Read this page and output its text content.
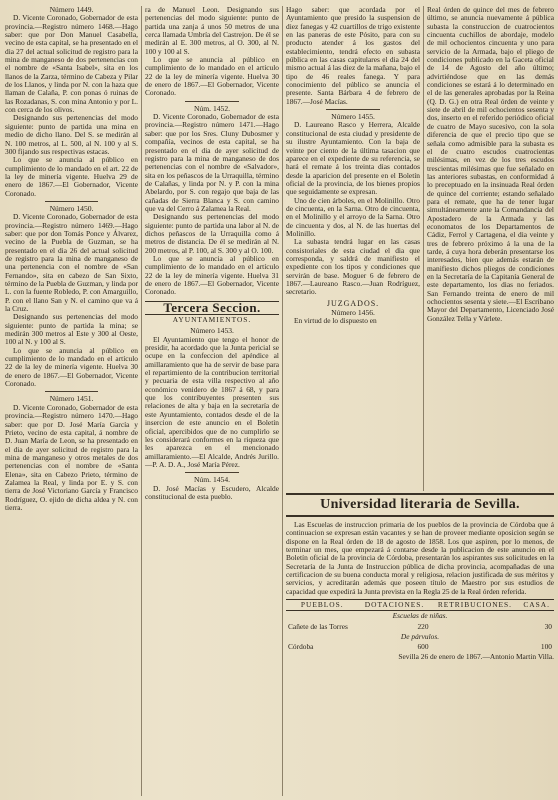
Número 1449.

D. Vicente Coronado, Gobernador de esta provincia.—Registro número 1468.—Hago saber: que por Don Manuel Casabella, vecino de esta capital, se ha presentado en el dia 27 del actual solicitud de registro para la mina de manganeso de dos pertenencias con el nombre de «Santa Isabel», sita en los llanos de la Zarza, término de Cabeza y Pilar de los Llanos, y linda por N. con la haza que llaman de Calaña, P. con ponas ó ruinas de las Rozadanas, S. con mina Antonio y por L. con cerca de los olivos.

Designando sus pertenencias del modo siguiente: punto de partida una mina en medio de dicho llano. Del S. se medirán al N. 100 metros, al L. 500, al N. 100 y al S. 300 fijando sus respectivas estacas.

Lo que se anuncia al público en cumplimiento de lo mandado en el art. 22 de la ley de minería vigente. Huelva 29 de enero de 1867.—El Gobernador, Vicente Coronado.

Número 1450.

D. Vicente Coronado, Gobernador de esta provincia.—Registro número 1469.—Hago saber: que por don Tomás Ponce y Álvarez, vecino de la Puebla de Guzman, se ha presentado en el dia 26 del actual solicitud de registro para la mina de manganeso de una pertenencia con el nombre de «San Fernando», sita en cabezo de San Sixto, término de la Puebla de Guzman, y linda por L. con la fuente Robledo, P. con Amarguillo, P. con el llano San y N. el camino que va á la Cruz.

Designando sus pertenencias del modo siguiente: punto de partida la mina; se medirán 300 metros al Este y 300 al Oeste, 100 al N. y 100 al S.

Lo que se anuncia al público en cumplimiento de lo mandado en el artículo 22 de la ley de minería vigente. Huelva 30 de enero de 1867.—El Gobernador, Vicente Coronado.

Número 1451.

D. Vicente Coronado, Gobernador de esta provincia.—Registro número 1470.—Hago saber: que por D. José María García y Prieto, vecino de esta capital, á nombre de D. Juan María de Leon, se ha presentado en el dia de ayer solicitud de registro para la mina de manganeso y otros metales de dos pertenencias con el nombre de «Santa Elena», sita en Cabezo Prieto, término de Zalamea la Real, y linda por E. y S. con tierra de José Victoriano García y Francisco Rodríguez, O. ejido de dicha aldea y N. con tierra.

ra de Manuel Leon. Designando sus pertenencias del modo siguiente: punto de partida una zanja á unos 50 metros de una cerca llamada Umbría del Castrejon. De él se medirán al E. 300 metros, al O. 300, al N. 100 y 100 al S.

Lo que se anuncia al público en cumplimiento de lo mandado en el artículo 22 de la ley de minería vigente. Huelva 30 de enero de 1867.—El Gobernador, Vicente Coronado.

Núm. 1452.

D. Vicente Coronado, Gobernador de esta provincia.—Registro número 1471.—Hago saber: que por los Sres. Cluny Dubosmer y compañía, vecinos de esta capital, se ha presentado en el dia de ayer solicitud de registro para la mina de manganeso de dos pertenencias con el nombre de «Salvador», sita en los peñascos de la Urraquilla, término de Calañas, y linda por N. y P. con la mina Abelardo, por S. con regajo que baja de las cañadas de Sierra Blanca y S. con camino que va del Cerro á Zalamea la Real.

Designando sus pertenencias del modo siguiente: punto de partida una labor al N. de dichos peñascos de la Urraquilla como á metros de distancia. De él se medirán al N. 200 metros, al P. 100, al S. 300 y al O. 100.

Lo que se anuncia al público en cumplimiento de lo mandado en el artículo 22 de la ley de minería vigente. Huelva 31 de enero de 1867.—El Gobernador, Vicente Coronado.

Tercera Seccion.
AYUNTAMIENTOS.

Número 1453.

El Ayuntamiento que tengo el honor de presidir, ha acordado que la Junta pericial se ocupe en la confeccion del apéndice al amillaramiento que ha de servir de base para el repartimiento de la contribucion territorial y pecuaria de esta villa respectivo al año económico venidero de 1867 á 68, y para que los contribuyentes presenten sus relaciones de alta y baja en la secretaría de este Ayuntamiento, contados desde el de la insercion de este anuncio en el Boletín oficial, apercibidos que de no cumplirlo se les considerará conformes en la riqueza que les aparezca en el mencionado amillaramiento.—El Alcalde, Andrés Jurillo.—P. A. D. A., José María Pérez.

Núm. 1454.

D. José Macías y Escudero, Alcalde constitucional de esta pueblo.

Hago saber: que acordada por el Ayuntamiento que presido la suspension de diez fanegas y 42 cuartillos de trigo existente en las paneras de este Pósito, para con su producto atender á los gastos del establecimiento, tendrá efecto en subasta pública en las casas capitulares el dia 24 del mismo actual á las diez de la mañana, bajo el tipo de 46 reales fanega. Y para conocimiento del público se anuncia el presente. Santa Bárbara 4 de febrero de 1867.—José Macías.

Número 1455.

D. Laureano Rasco y Herrera, Alcalde constitucional de esta ciudad y presidente de su ilustre Ayuntamiento. Con la baja de veinte por ciento de la última tasacion que aparece en el expediente de su referencia, se hará el remate á los treinta dias contados desde la aparicion del presente en el Boletín oficial de la provincia, de los bienes propios que seguidamente se expresan.

Uno de cien árboles, en el Molinillo. Otro de cincuenta, en la Sarna. Otro de cincuenta, en el Molinillo y el arroyo de la Sarna. Otro de cincuenta y dos, al N. de las huertas del Molinillo.

La subasta tendrá lugar en las casas consistoriales de esta ciudad el dia que corresponda, y saldrá de manifiesto el expediente con los tipos y condiciones que servirán de base. Moguer 6 de febrero de 1867.—Laureano Rasco.—Juan Rodríguez, secretario.

JUZGADOS.

Número 1456.

En virtud de lo dispuesto en

Real órden de quince del mes de febrero último, se anuncia nuevamente á pública subasta la construccion de cuatrocientos cincuenta cuchillos de abordaje, modelo de mil ochocientos cincuenta y uno para servicio de la Armada, bajo el pliego de condiciones publicado en la Gaceta oficial de 14 de Agosto del año último; advirtiéndose que en las demás condiciones se estará á lo determinado en el de las generales aprobadas por la Reina (Q. D. G.) en otra Real órden de veinte y siete de abril de mil ochocientos sesenta y dos, inserto en el referido periódico oficial de cuatro de Mayo sucesivo, con la sola diferencia de que el precio tipo que se señala como admisible para la subasta es el de cuatro escudos cuatrocientas milésimas, en vez de los tres escudos trescientas milésimas que fue señalado en las anteriores subastas, en conformidad á lo preceptuado en la insinuada Real órden de quince del corriente; estando señalado para el remate, que ha de tener lugar simultáneamente ante la Comandancia del Apostadero de la Armada y las economatos de los Departamentos de Cádiz, Ferrol y Cartagena, el dia veinte y tres de febrero próximo á la una de la tarde, á cuya hora deberán presentarse los interesados, bien que además estarán de manifiesto dichos pliegos de condiciones en la Secretaría de la Capitanía General de este departamento, los dias no feriados. San Fernando treinta de enero de mil ochocientos sesenta y siete.—El Escribano Mayor del Departamento, Licenciado José González Tella y Várlete.

Universidad literaria de Sevilla.

Las Escuelas de instruccion primaria de los pueblos de la provincia de Córdoba que á continuacion se expresan están vacantes y se han de proveer mediante oposicion según se dispone en la Real órden de 18 de agosto de 1858. Los que aspiren, por lo menos, de terminar un mes, que empezará á contarse desde la publicacion de este anuncio en el Boletín oficial de la provincia de Córdoba, presentarán los aspirantes sus solicitudes en la Secretaría de la Junta de Instruccion pública de dicha provincia, acompañadas de una certificacion de su buena conducta moral y religiosa, relacion justificada de sus méritos y servicios, y acreditarán además que poseen título de Maestro por sus estudios de capacidad que expedirá la Junta prevista en la Regla 25 de la Real órden referida.

PUEBLOS.	DOTACIONES.	RETRIBUCIONES.	CASA.
Escuelas de niñas.			
Cañete de las Torres	220		30
De párvulos.			
Córdoba	600		100

Sevilla 26 de enero de 1867.—Antonio Martin Villa.
